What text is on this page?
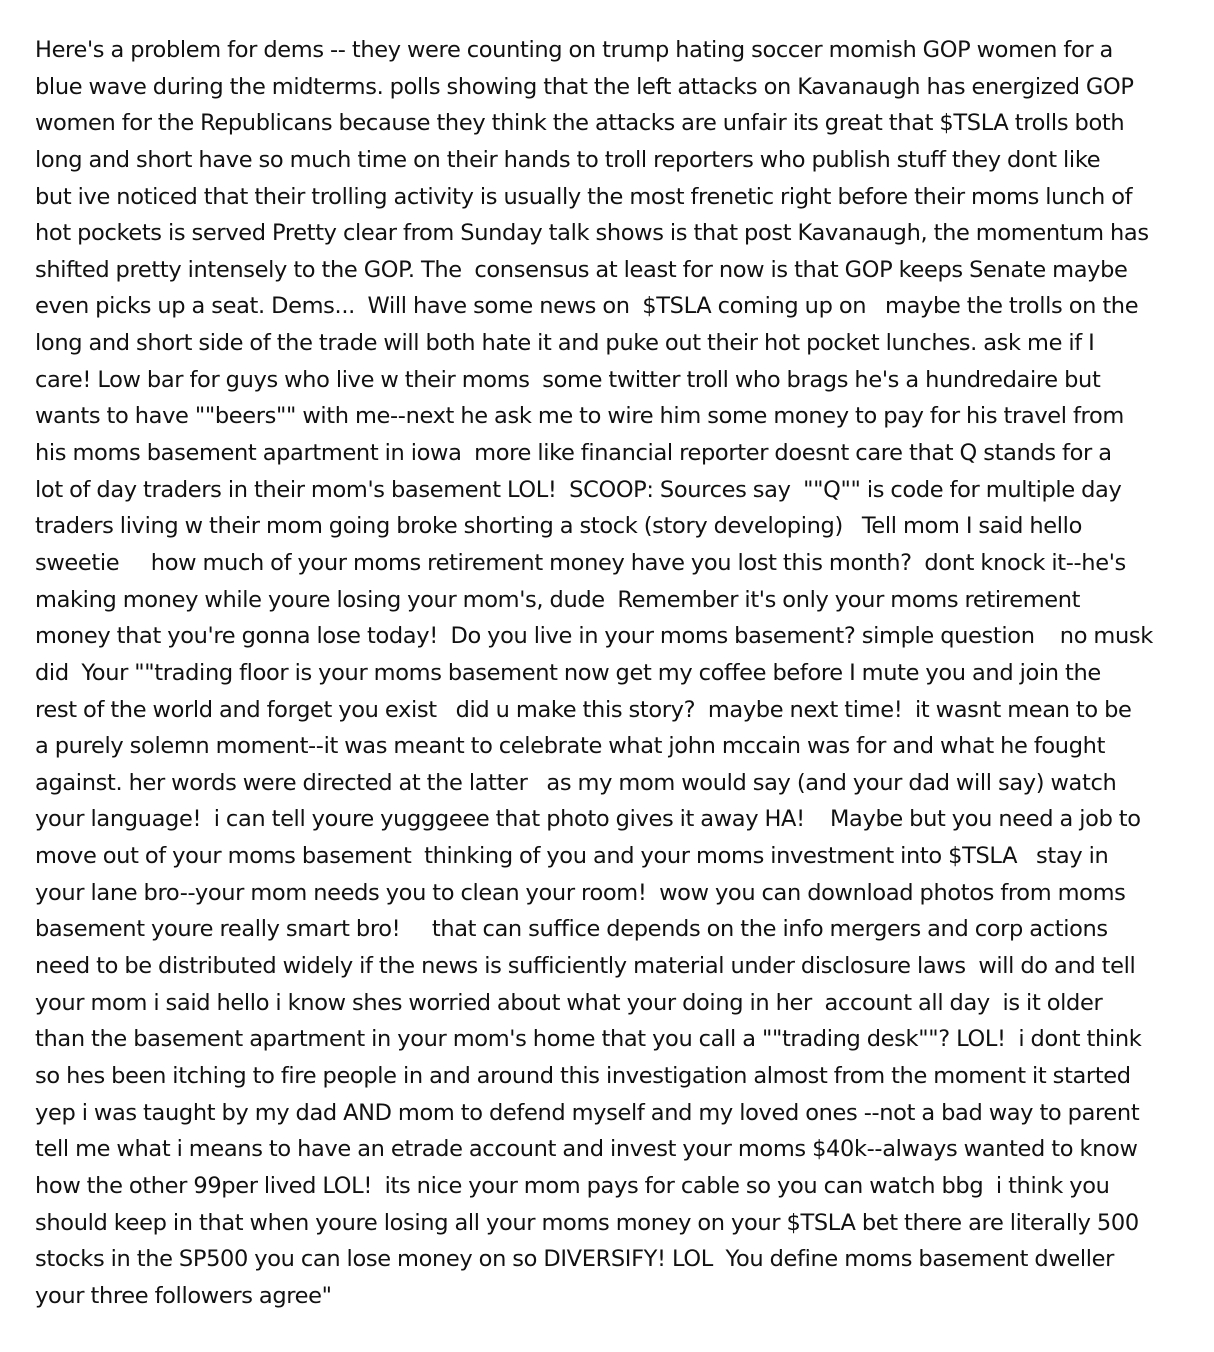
Here's a problem for dems -- they were counting on trump hating soccer momish GOP women for a
blue wave during the midterms. polls showing that the left attacks on Kavanaugh has energized GOP
women for the Republicans because they think the attacks are unfair its great that $TSLA trolls both
long and short have so much time on their hands to troll reporters who publish stuff they dont like
but ive noticed that their trolling activity is usually the most frenetic right before their moms lunch of
hot pockets is served Pretty clear from Sunday talk shows is that post Kavanaugh, the momentum has
shifted pretty intensely to the GOP. The  consensus at least for now is that GOP keeps Senate maybe
even picks up a seat. Dems...  Will have some news on  $TSLA coming up on   maybe the trolls on the
long and short side of the trade will both hate it and puke out their hot pocket lunches. ask me if I
care! Low bar for guys who live w their moms  some twitter troll who brags he's a hundredaire but
wants to have ""beers"" with me--next he ask me to wire him some money to pay for his travel from
his moms basement apartment in iowa  more like financial reporter doesnt care that Q stands for a
lot of day traders in their mom's basement LOL!  SCOOP: Sources say  ""Q"" is code for multiple day
traders living w their mom going broke shorting a stock (story developing)   Tell mom I said hello
sweetie     how much of your moms retirement money have you lost this month?  dont knock it--he's
making money while youre losing your mom's, dude  Remember it's only your moms retirement
money that you're gonna lose today!  Do you live in your moms basement? simple question    no musk
did  Your ""trading floor is your moms basement now get my coffee before I mute you and join the
rest of the world and forget you exist   did u make this story?  maybe next time!  it wasnt mean to be
a purely solemn moment--it was meant to celebrate what john mccain was for and what he fought
against. her words were directed at the latter   as my mom would say (and your dad will say) watch
your language!  i can tell youre yugggeee that photo gives it away HA!    Maybe but you need a job to
move out of your moms basement  thinking of you and your moms investment into $TSLA   stay in
your lane bro--your mom needs you to clean your room!  wow you can download photos from moms
basement youre really smart bro!     that can suffice depends on the info mergers and corp actions
need to be distributed widely if the news is sufficiently material under disclosure laws  will do and tell
your mom i said hello i know shes worried about what your doing in her  account all day  is it older
than the basement apartment in your mom's home that you call a ""trading desk""? LOL!  i dont think
so hes been itching to fire people in and around this investigation almost from the moment it started
yep i was taught by my dad AND mom to defend myself and my loved ones --not a bad way to parent
tell me what i means to have an etrade account and invest your moms $40k--always wanted to know
how the other 99per lived LOL!  its nice your mom pays for cable so you can watch bbg  i think you
should keep in that when youre losing all your moms money on your $TSLA bet there are literally 500
stocks in the SP500 you can lose money on so DIVERSIFY! LOL  You define moms basement dweller
your three followers agree"
